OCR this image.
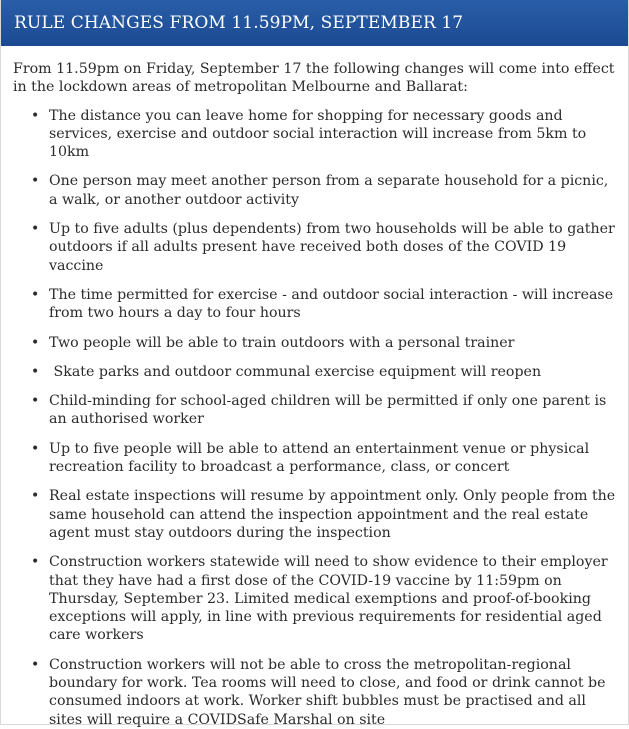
RULE CHANGES FROM 11.59PM, SEPTEMBER 17

From 11.59pm on Friday, September 17 the following changes will come into effect in the lockdown areas of metropolitan Melbourne and Ballarat:

• The distance you can leave home for shopping for necessary goods and services, exercise and outdoor social interaction will increase from 5km to 10km
• One person may meet another person from a separate household for a picnic, a walk, or another outdoor activity
• Up to five adults (plus dependents) from two households will be able to gather outdoors if all adults present have received both doses of the COVID 19 vaccine
• The time permitted for exercise - and outdoor social interaction - will increase from two hours a day to four hours
• Two people will be able to train outdoors with a personal trainer
• Skate parks and outdoor communal exercise equipment will reopen
• Child-minding for school-aged children will be permitted if only one parent is an authorised worker
• Up to five people will be able to attend an entertainment venue or physical recreation facility to broadcast a performance, class, or concert
• Real estate inspections will resume by appointment only. Only people from the same household can attend the inspection appointment and the real estate agent must stay outdoors during the inspection
• Construction workers statewide will need to show evidence to their employer that they have had a first dose of the COVID-19 vaccine by 11:59pm on Thursday, September 23. Limited medical exemptions and proof-of-booking exceptions will apply, in line with previous requirements for residential aged care workers
• Construction workers will not be able to cross the metropolitan-regional boundary for work. Tea rooms will need to close, and food or drink cannot be consumed indoors at work. Worker shift bubbles must be practised and all sites will require a COVIDSafe Marshal on site
